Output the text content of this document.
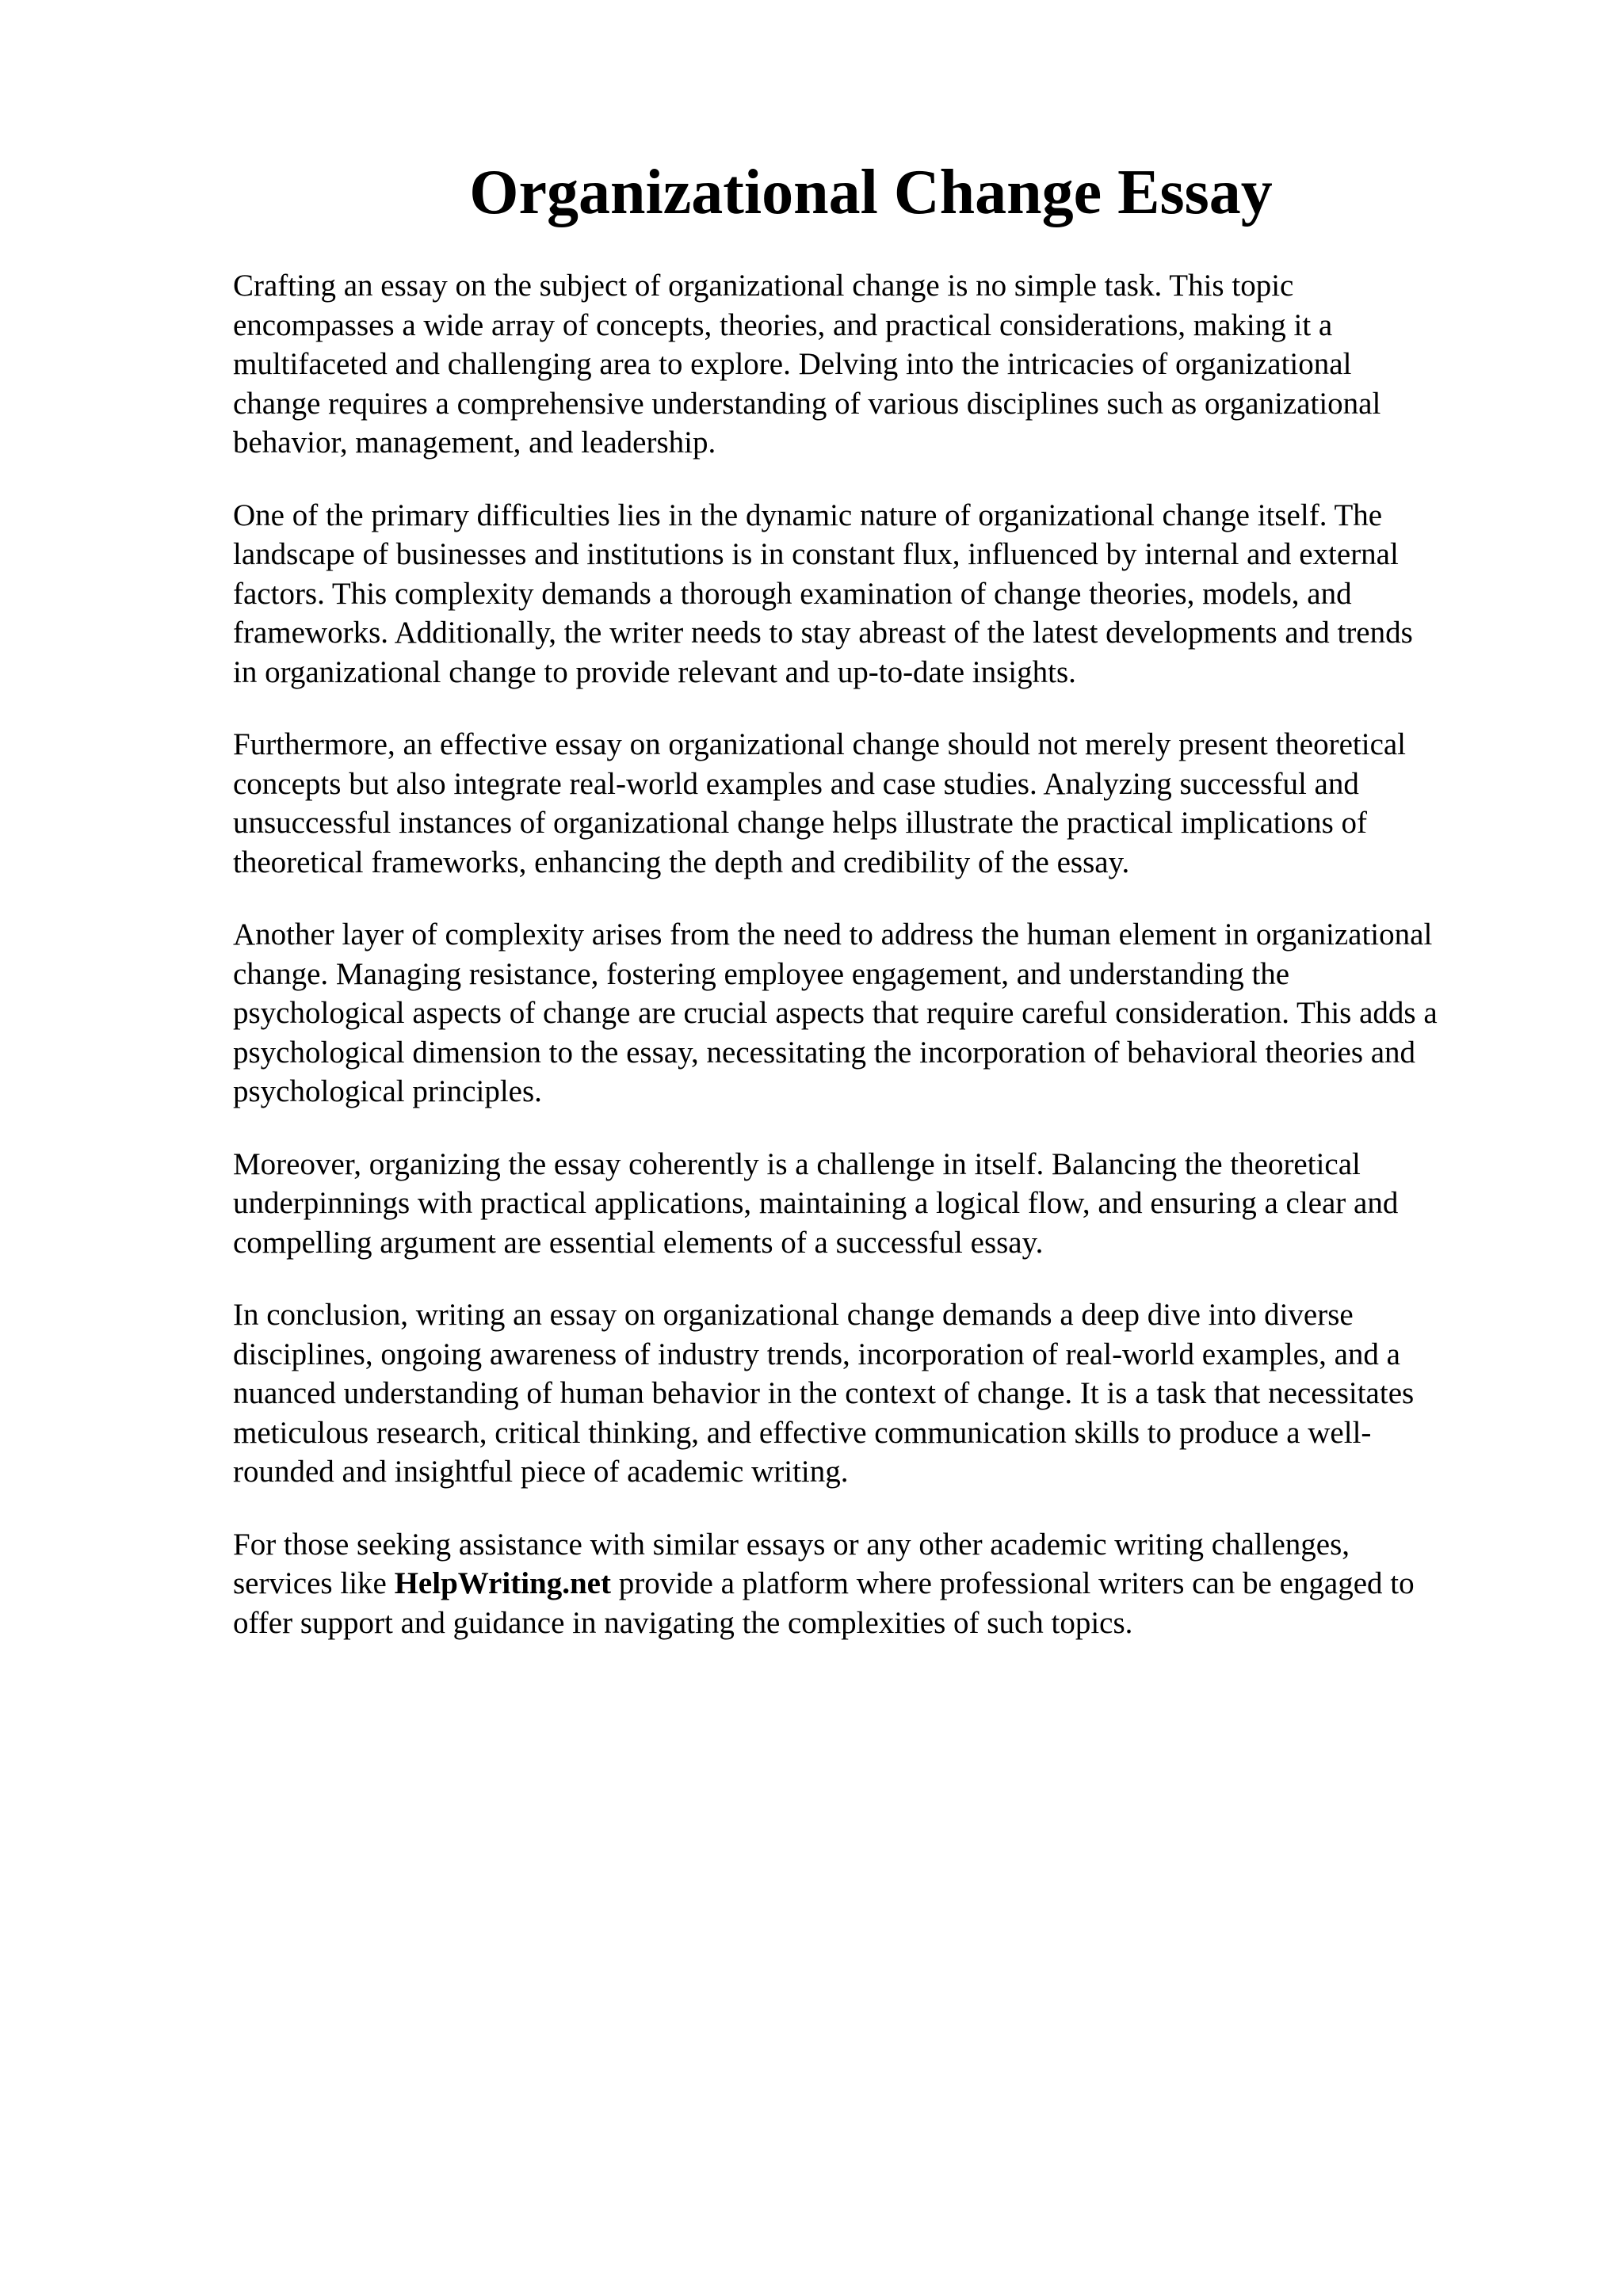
Organizational Change Essay

Crafting an essay on the subject of organizational change is no simple task. This topic
encompasses a wide array of concepts, theories, and practical considerations, making it a
multifaceted and challenging area to explore. Delving into the intricacies of organizational
change requires a comprehensive understanding of various disciplines such as organizational
behavior, management, and leadership.

One of the primary difficulties lies in the dynamic nature of organizational change itself. The
landscape of businesses and institutions is in constant flux, influenced by internal and external
factors. This complexity demands a thorough examination of change theories, models, and
frameworks. Additionally, the writer needs to stay abreast of the latest developments and trends
in organizational change to provide relevant and up-to-date insights.

Furthermore, an effective essay on organizational change should not merely present theoretical
concepts but also integrate real-world examples and case studies. Analyzing successful and
unsuccessful instances of organizational change helps illustrate the practical implications of
theoretical frameworks, enhancing the depth and credibility of the essay.

Another layer of complexity arises from the need to address the human element in organizational
change. Managing resistance, fostering employee engagement, and understanding the
psychological aspects of change are crucial aspects that require careful consideration. This adds a
psychological dimension to the essay, necessitating the incorporation of behavioral theories and
psychological principles.

Moreover, organizing the essay coherently is a challenge in itself. Balancing the theoretical
underpinnings with practical applications, maintaining a logical flow, and ensuring a clear and
compelling argument are essential elements of a successful essay.

In conclusion, writing an essay on organizational change demands a deep dive into diverse
disciplines, ongoing awareness of industry trends, incorporation of real-world examples, and a
nuanced understanding of human behavior in the context of change. It is a task that necessitates
meticulous research, critical thinking, and effective communication skills to produce a well-
rounded and insightful piece of academic writing.

For those seeking assistance with similar essays or any other academic writing challenges,
services like HelpWriting.net provide a platform where professional writers can be engaged to
offer support and guidance in navigating the complexities of such topics.
